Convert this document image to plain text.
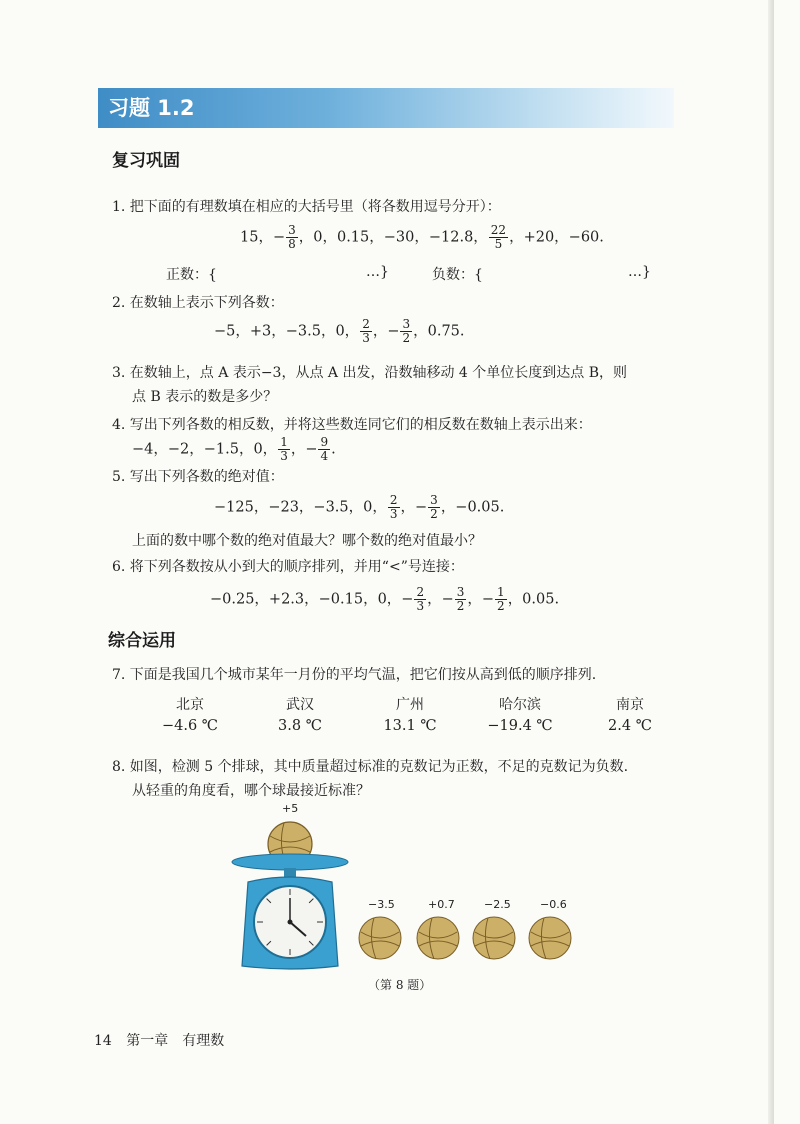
习题 1.2
复习巩固
1. 把下面的有理数填在相应的大括号里（将各数用逗号分开）：
15，− $\frac{3}{8}$ ，0，0.15，−30，−12.8， $\frac{22}{5}$ ，+20，−60.
正数：{	…}	负数：{	…}
2. 在数轴上表示下列各数：
−5，+3，−3.5，0， $\frac{2}{3}$ ，− $\frac{3}{2}$ ，0.75.
3. 在数轴上，点 A 表示−3，从点 A 出发，沿数轴移动 4 个单位长度到达点 B，则
点 B 表示的数是多少？
4. 写出下列各数的相反数，并将这些数连同它们的相反数在数轴上表示出来：
−4，−2，−1.5，0， $\frac{1}{3}$ ，− $\frac{9}{4}$ .
5. 写出下列各数的绝对值：
−125，−23，−3.5，0， $\frac{2}{3}$ ，− $\frac{3}{2}$ ，−0.05.
上面的数中哪个数的绝对值最大？哪个数的绝对值最小？
6. 将下列各数按从小到大的顺序排列，并用“<”号连接：
−0.25，+2.3，−0.15，0，− $\frac{2}{3}$ ，− $\frac{3}{2}$ ，− $\frac{1}{2}$ ，0.05.
综合运用
7. 下面是我国几个城市某年一月份的平均气温，把它们按从高到低的顺序排列.
北京	武汉	广州	哈尔滨	南京
−4.6 ℃	3.8 ℃	13.1 ℃	−19.4 ℃	2.4 ℃
8. 如图，检测 5 个排球，其中质量超过标准的克数记为正数，不足的克数记为负数.
从轻重的角度看，哪个球最接近标准？
+5
−3.5	+0.7	−2.5	−0.6
（第 8 题）
14 第一章　有理数
